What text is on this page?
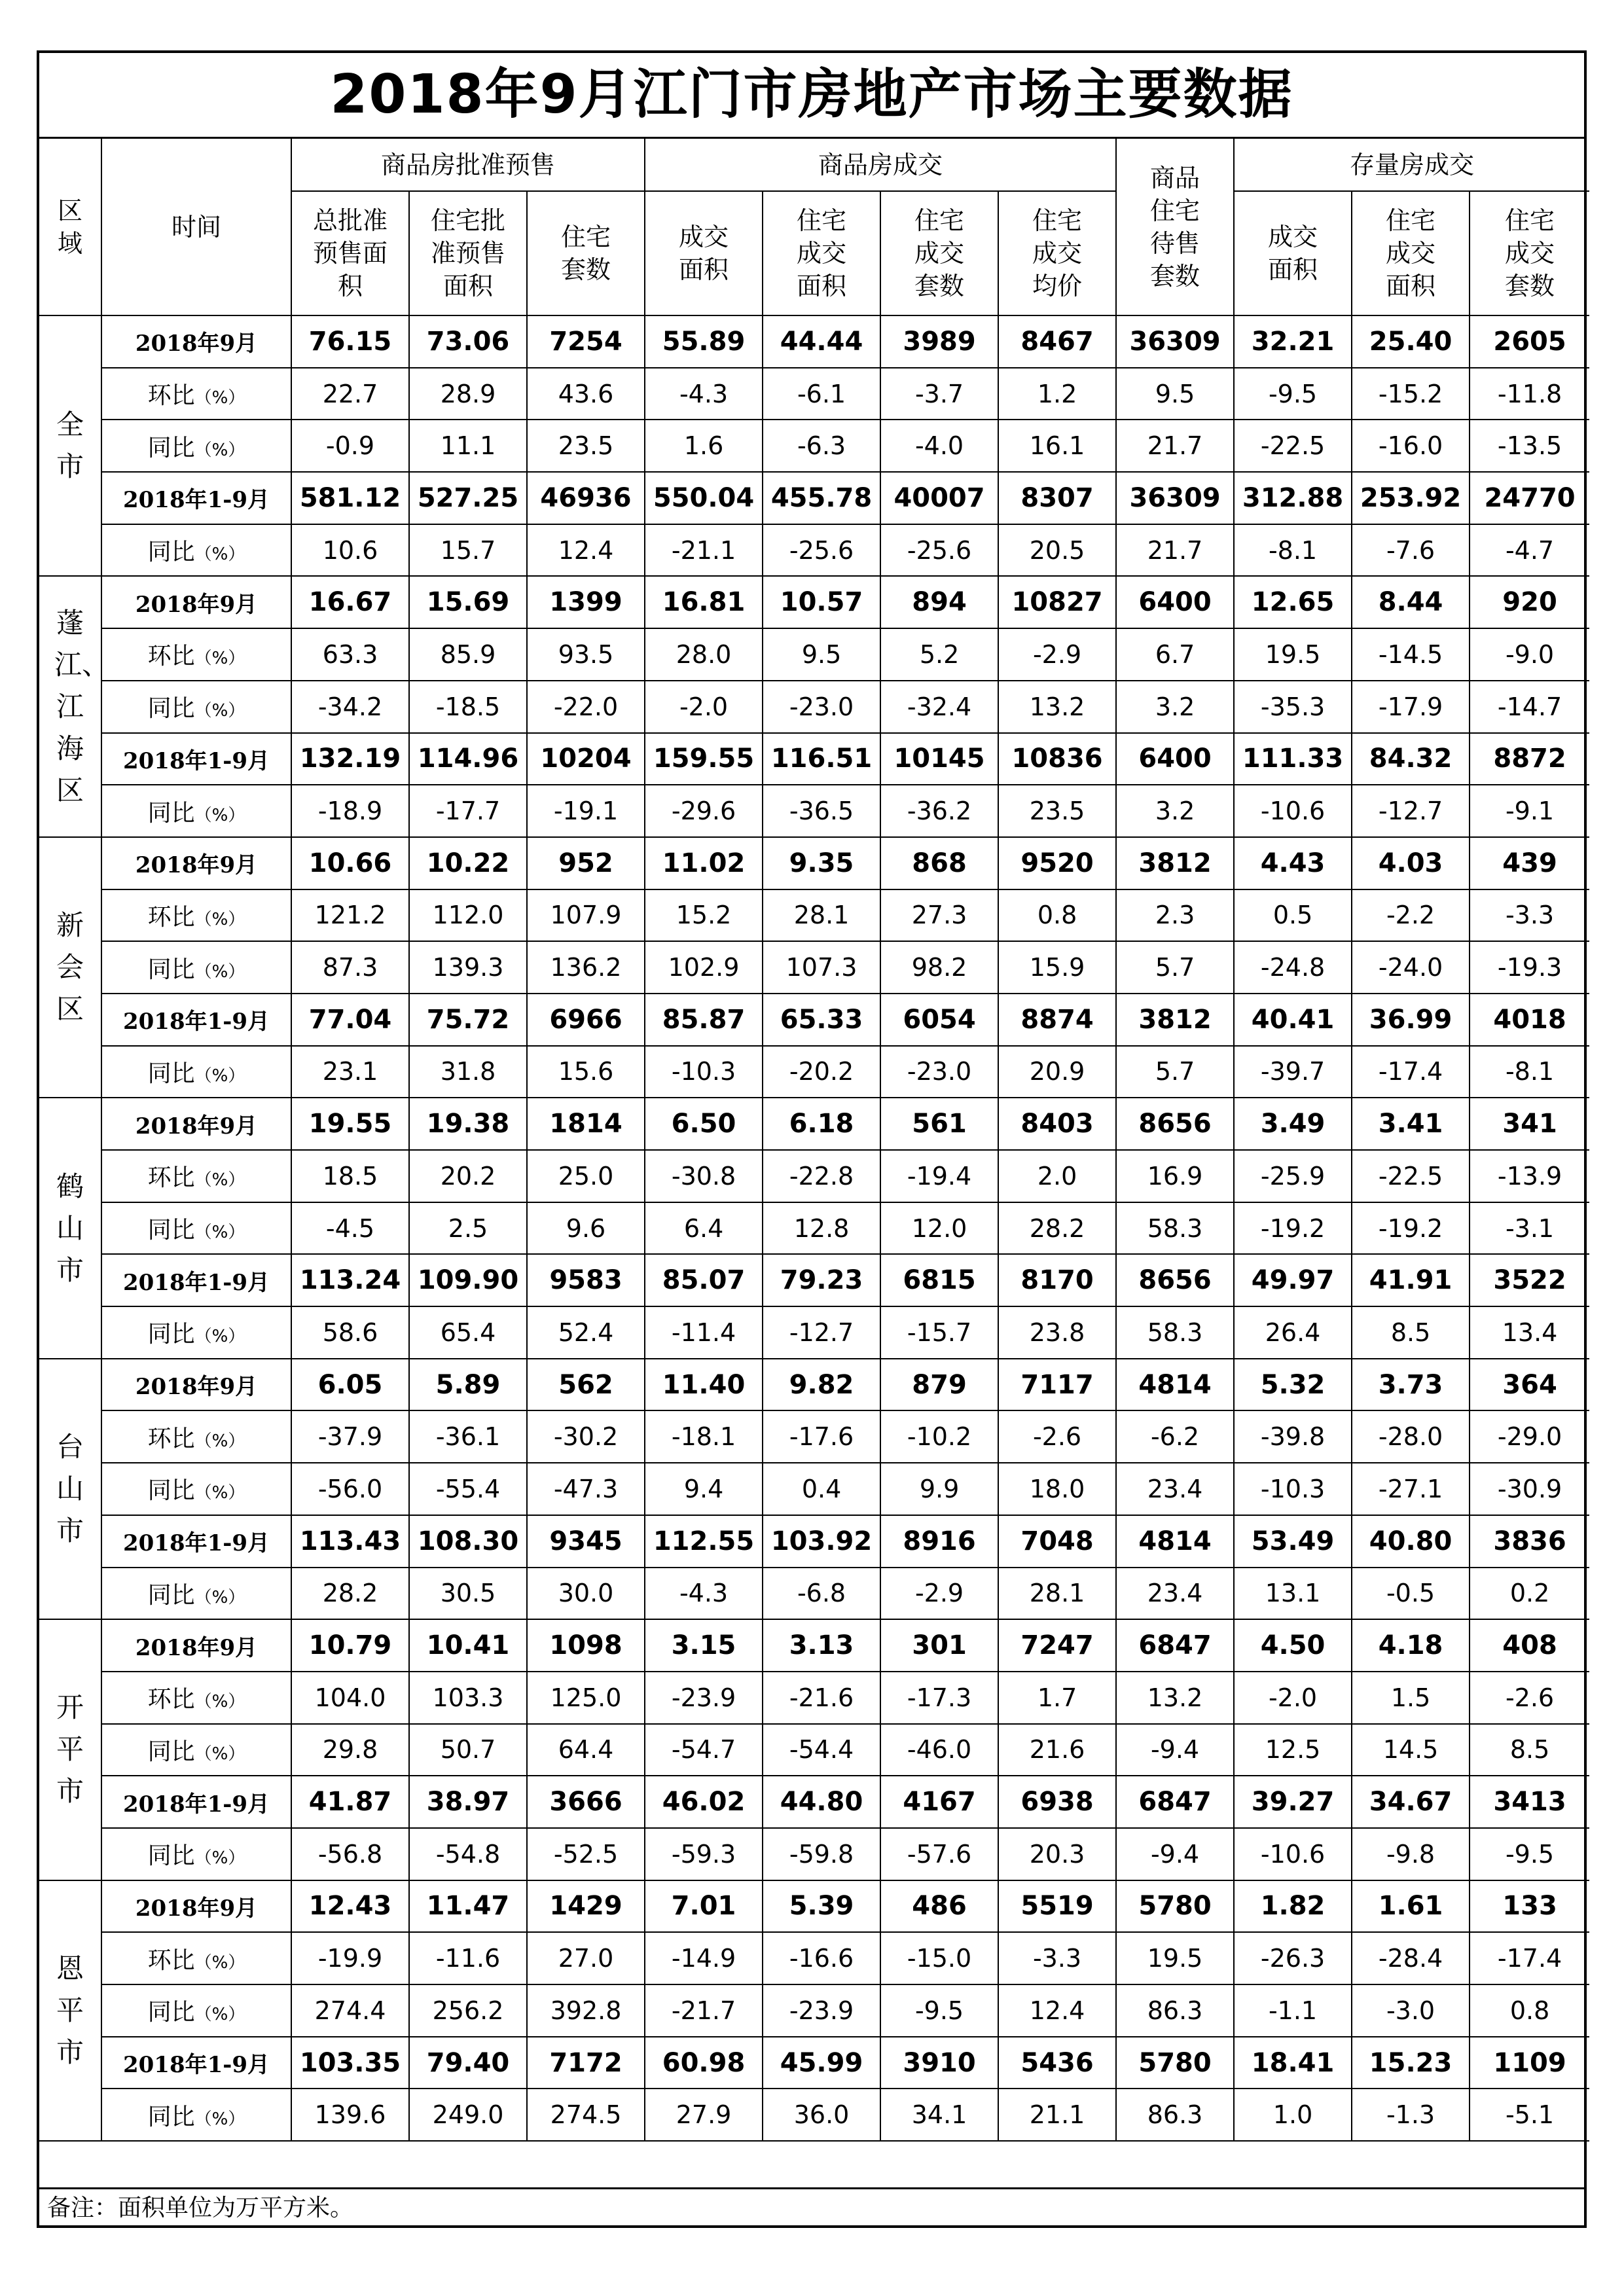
2018年9月江门市房地产市场主要数据
区域	时间	商品房批准预售			商品房成交				商品住宅待售套数	存量房成交		
		总批准预售面积	住宅批准预售面积	住宅套数	成交面积	住宅成交面积	住宅成交套数	住宅成交均价		成交面积	住宅成交面积	住宅成交套数
全市	2018年9月	76.15	73.06	7254	55.89	44.44	3989	8467	36309	32.21	25.40	2605
	环比（%）	22.7	28.9	43.6	-4.3	-6.1	-3.7	1.2	9.5	-9.5	-15.2	-11.8
	同比（%）	-0.9	11.1	23.5	1.6	-6.3	-4.0	16.1	21.7	-22.5	-16.0	-13.5
	2018年1-9月	581.12	527.25	46936	550.04	455.78	40007	8307	36309	312.88	253.92	24770
	同比（%）	10.6	15.7	12.4	-21.1	-25.6	-25.6	20.5	21.7	-8.1	-7.6	-4.7
蓬江、江海区	2018年9月	16.67	15.69	1399	16.81	10.57	894	10827	6400	12.65	8.44	920
	环比（%）	63.3	85.9	93.5	28.0	9.5	5.2	-2.9	6.7	19.5	-14.5	-9.0
	同比（%）	-34.2	-18.5	-22.0	-2.0	-23.0	-32.4	13.2	3.2	-35.3	-17.9	-14.7
	2018年1-9月	132.19	114.96	10204	159.55	116.51	10145	10836	6400	111.33	84.32	8872
	同比（%）	-18.9	-17.7	-19.1	-29.6	-36.5	-36.2	23.5	3.2	-10.6	-12.7	-9.1
新会区	2018年9月	10.66	10.22	952	11.02	9.35	868	9520	3812	4.43	4.03	439
	环比（%）	121.2	112.0	107.9	15.2	28.1	27.3	0.8	2.3	0.5	-2.2	-3.3
	同比（%）	87.3	139.3	136.2	102.9	107.3	98.2	15.9	5.7	-24.8	-24.0	-19.3
	2018年1-9月	77.04	75.72	6966	85.87	65.33	6054	8874	3812	40.41	36.99	4018
	同比（%）	23.1	31.8	15.6	-10.3	-20.2	-23.0	20.9	5.7	-39.7	-17.4	-8.1
鹤山市	2018年9月	19.55	19.38	1814	6.50	6.18	561	8403	8656	3.49	3.41	341
	环比（%）	18.5	20.2	25.0	-30.8	-22.8	-19.4	2.0	16.9	-25.9	-22.5	-13.9
	同比（%）	-4.5	2.5	9.6	6.4	12.8	12.0	28.2	58.3	-19.2	-19.2	-3.1
	2018年1-9月	113.24	109.90	9583	85.07	79.23	6815	8170	8656	49.97	41.91	3522
	同比（%）	58.6	65.4	52.4	-11.4	-12.7	-15.7	23.8	58.3	26.4	8.5	13.4
台山市	2018年9月	6.05	5.89	562	11.40	9.82	879	7117	4814	5.32	3.73	364
	环比（%）	-37.9	-36.1	-30.2	-18.1	-17.6	-10.2	-2.6	-6.2	-39.8	-28.0	-29.0
	同比（%）	-56.0	-55.4	-47.3	9.4	0.4	9.9	18.0	23.4	-10.3	-27.1	-30.9
	2018年1-9月	113.43	108.30	9345	112.55	103.92	8916	7048	4814	53.49	40.80	3836
	同比（%）	28.2	30.5	30.0	-4.3	-6.8	-2.9	28.1	23.4	13.1	-0.5	0.2
开平市	2018年9月	10.79	10.41	1098	3.15	3.13	301	7247	6847	4.50	4.18	408
	环比（%）	104.0	103.3	125.0	-23.9	-21.6	-17.3	1.7	13.2	-2.0	1.5	-2.6
	同比（%）	29.8	50.7	64.4	-54.7	-54.4	-46.0	21.6	-9.4	12.5	14.5	8.5
	2018年1-9月	41.87	38.97	3666	46.02	44.80	4167	6938	6847	39.27	34.67	3413
	同比（%）	-56.8	-54.8	-52.5	-59.3	-59.8	-57.6	20.3	-9.4	-10.6	-9.8	-9.5
恩平市	2018年9月	12.43	11.47	1429	7.01	5.39	486	5519	5780	1.82	1.61	133
	环比（%）	-19.9	-11.6	27.0	-14.9	-16.6	-15.0	-3.3	19.5	-26.3	-28.4	-17.4
	同比（%）	274.4	256.2	392.8	-21.7	-23.9	-9.5	12.4	86.3	-1.1	-3.0	0.8
	2018年1-9月	103.35	79.40	7172	60.98	45.99	3910	5436	5780	18.41	15.23	1109
	同比（%）	139.6	249.0	274.5	27.9	36.0	34.1	21.1	86.3	1.0	-1.3	-5.1
备注：面积单位为万平方米。
